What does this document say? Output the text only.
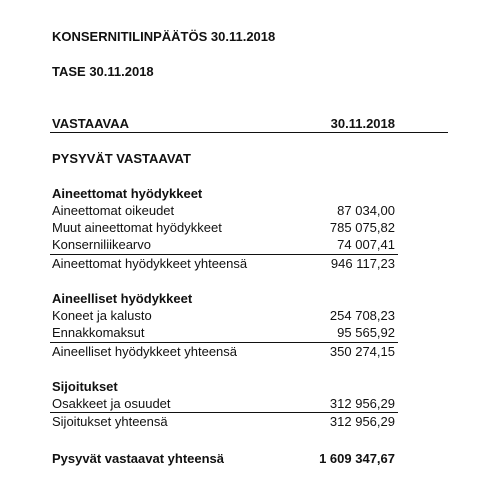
KONSERNITILINPÄÄTÖS 30.11.2018
TASE 30.11.2018
VASTAAVAA	30.11.2018
PYSYVÄT VASTAAVAT
Aineettomat hyödykkeet
Aineettomat oikeudet	87 034,00
Muut aineettomat hyödykkeet	785 075,82
Konserniliikearvo	74 007,41
Aineettomat hyödykkeet yhteensä	946 117,23
Aineelliset hyödykkeet
Koneet ja kalusto	254 708,23
Ennakkomaksut	95 565,92
Aineelliset hyödykkeet yhteensä	350 274,15
Sijoitukset
Osakkeet ja osuudet	312 956,29
Sijoitukset yhteensä	312 956,29
Pysyvät vastaavat yhteensä	1 609 347,67
